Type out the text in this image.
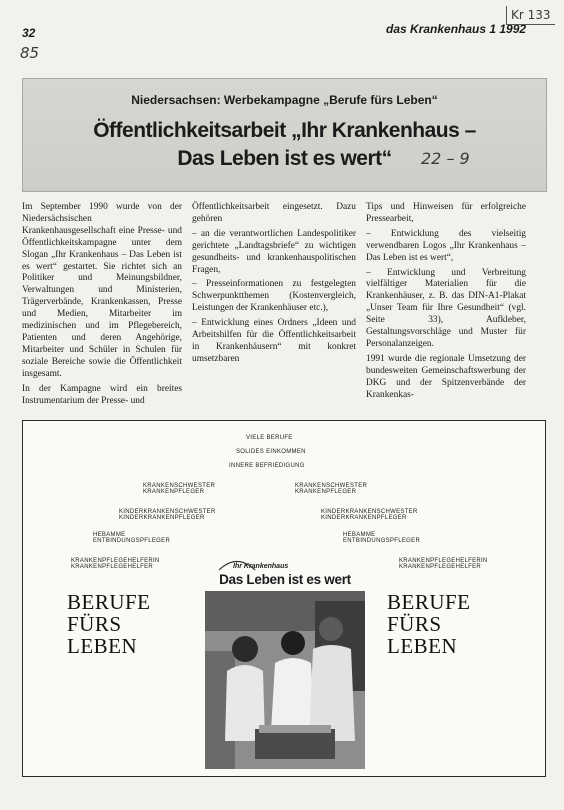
32	das Krankenhaus 1 1992
85
Kr 133
Niedersachsen: Werbekampagne „Berufe fürs Leben“
Öffentlichkeitsarbeit „Ihr Krankenhaus –
Das Leben ist es wert“	22 – 9

Im September 1990 wurde von der Niedersächsischen Krankenhausgesellschaft eine Presse- und Öffentlichkeitskampagne unter dem Slogan „Ihr Krankenhaus – Das Leben ist es wert“ gestartet. Sie richtet sich an Politiker und Meinungsbildner, Verwaltungen und Ministerien, Trägerverbände, Krankenkassen, Presse und Medien, Mitarbeiter im medizinischen und im Pflegebereich, Patienten und deren Angehörige, Mitarbeiter und Schüler in Schulen für soziale Bereiche sowie die Öffentlichkeit insgesamt.

In der Kampagne wird ein breites Instrumentarium der Presse- und

Öffentlichkeitsarbeit eingesetzt. Dazu gehören

– an die verantwortlichen Landespolitiker gerichtete „Landtagsbriefe“ zu wichtigen gesundheits- und krankenhauspolitischen Fragen,

– Presseinformationen zu festgelegten Schwerpunktthemen (Kostenvergleich, Leistungen der Krankenhäuser etc.),

– Entwicklung eines Ordners „Ideen und Arbeitshilfen für die Öffentlichkeitsarbeit in Krankenhäusern“ mit konkret umsetzbaren

Tips und Hinweisen für erfolgreiche Pressearbeit,

– Entwicklung des vielseitig verwendbaren Logos „Ihr Krankenhaus – Das Leben ist es wert“,

– Entwicklung und Verbreitung vielfältiger Materialien für die Krankenhäuser, z. B. das DIN-A1-Plakat „Unser Team für Ihre Gesundheit“ (vgl. Seite 33), Aufkleber, Gestaltungsvorschläge und Muster für Personalanzeigen.

1991 wurde die regionale Umsetzung der bundesweiten Gemeinschaftswerbung der DKG und der Spitzenverbände der Krankenkas-

VIELE BERUFE
SOLIDES EINKOMMEN
INNERE BEFRIEDIGUNG
KRANKENSCHWESTER
KRANKENPFLEGER
KINDERKRANKENSCHWESTER
KINDERKRANKENPFLEGER
HEBAMME
ENTBINDUNGSPFLEGER
KRANKENPFLEGEHELFERIN
KRANKENPFLEGEHELFER
KRANKENSCHWESTER
KRANKENPFLEGER
KINDERKRANKENSCHWESTER
KINDERKRANKENPFLEGER
HEBAMME
ENTBINDUNGSPFLEGER
KRANKENPFLEGEHELFERIN
KRANKENPFLEGEHELFER
BERUFE
FÜRS
LEBEN
BERUFE
FÜRS
LEBEN
Ihr Krankenhaus
Das Leben ist es wert
